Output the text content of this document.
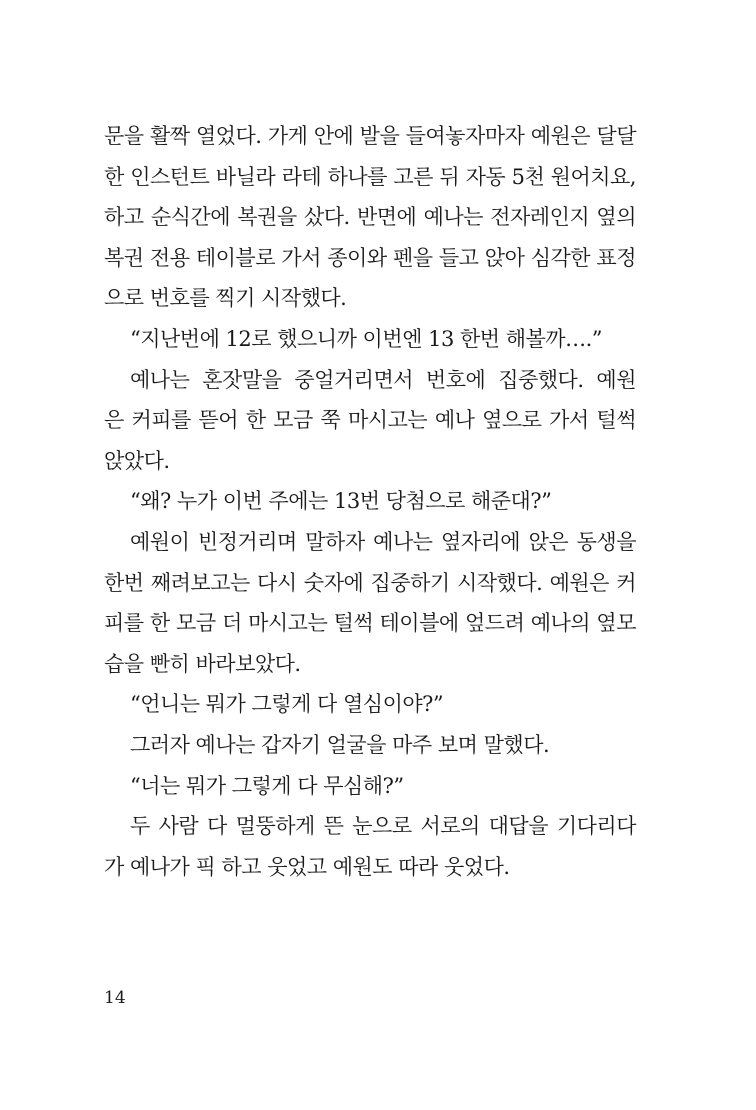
문을 활짝 열었다. 가게 안에 발을 들여놓자마자 예원은 달달
한 인스턴트 바닐라 라테 하나를 고른 뒤 자동 5천 원어치요,
하고 순식간에 복권을 샀다. 반면에 예나는 전자레인지 옆의
복권 전용 테이블로 가서 종이와 펜을 들고 앉아 심각한 표정
으로 번호를 찍기 시작했다.
“지난번에 12로 했으니까 이번엔 13 한번 해볼까….”
예나는 혼잣말을 중얼거리면서 번호에 집중했다. 예원
은 커피를 뜯어 한 모금 쭉 마시고는 예나 옆으로 가서 털썩
앉았다.
“왜? 누가 이번 주에는 13번 당첨으로 해준대?”
예원이 빈정거리며 말하자 예나는 옆자리에 앉은 동생을
한번 째려보고는 다시 숫자에 집중하기 시작했다. 예원은 커
피를 한 모금 더 마시고는 털썩 테이블에 엎드려 예나의 옆모
습을 빤히 바라보았다.
“언니는 뭐가 그렇게 다 열심이야?”
그러자 예나는 갑자기 얼굴을 마주 보며 말했다.
“너는 뭐가 그렇게 다 무심해?”
두 사람 다 멀뚱하게 뜬 눈으로 서로의 대답을 기다리다
가 예나가 픽 하고 웃었고 예원도 따라 웃었다.
14
